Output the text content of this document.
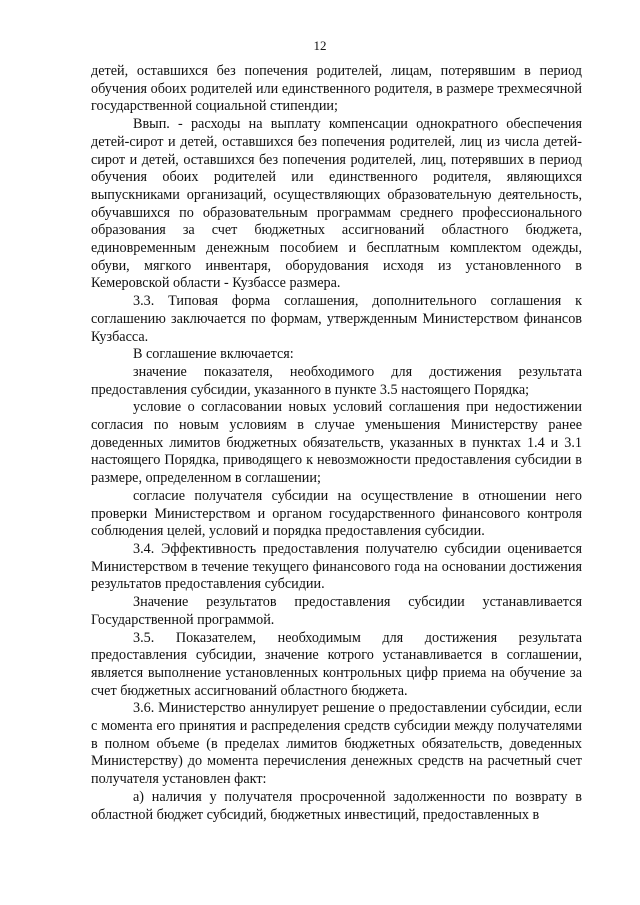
12

детей, оставшихся без попечения родителей, лицам, потерявшим в период обучения обоих родителей или единственного родителя, в размере трехмесячной государственной социальной стипендии;

Ввып. - расходы на выплату компенсации однократного обеспечения детей-сирот и детей, оставшихся без попечения родителей, лиц из числа детей-сирот и детей, оставшихся без попечения родителей, лиц, потерявших в период обучения обоих родителей или единственного родителя, являющихся выпускниками организаций, осуществляющих образовательную деятельность, обучавшихся по образовательным программам среднего профессионального образования за счет бюджетных ассигнований областного бюджета, единовременным денежным пособием и бесплатным комплектом одежды, обуви, мягкого инвентаря, оборудования исходя из установленного в Кемеровской области - Кузбассе размера.

3.3. Типовая форма соглашения, дополнительного соглашения к соглашению заключается по формам, утвержденным Министерством финансов Кузбасса.

В соглашение включается:

значение показателя, необходимого для достижения результата предоставления субсидии, указанного в пункте 3.5 настоящего Порядка;

условие о согласовании новых условий соглашения при недостижении согласия по новым условиям в случае уменьшения Министерству ранее доведенных лимитов бюджетных обязательств, указанных в пунктах 1.4 и 3.1 настоящего Порядка, приводящего к невозможности предоставления субсидии в размере, определенном в соглашении;

согласие получателя субсидии на осуществление в отношении него проверки Министерством и органом государственного финансового контроля соблюдения целей, условий и порядка предоставления субсидии.

3.4. Эффективность предоставления получателю субсидии оценивается Министерством в течение текущего финансового года на основании достижения результатов предоставления субсидии.

Значение результатов предоставления субсидии устанавливается Государственной программой.

3.5. Показателем, необходимым для достижения результата предоставления субсидии, значение котрого устанавливается в соглашении, является выполнение установленных контрольных цифр приема на обучение за счет бюджетных ассигнований областного бюджета.

3.6. Министерство аннулирует решение о предоставлении субсидии, если с момента его принятия и распределения средств субсидии между получателями в полном объеме (в пределах лимитов бюджетных обязательств, доведенных Министерству) до момента перечисления денежных средств на расчетный счет получателя установлен факт:

а) наличия у получателя просроченной задолженности по возврату в областной бюджет субсидий, бюджетных инвестиций, предоставленных в
